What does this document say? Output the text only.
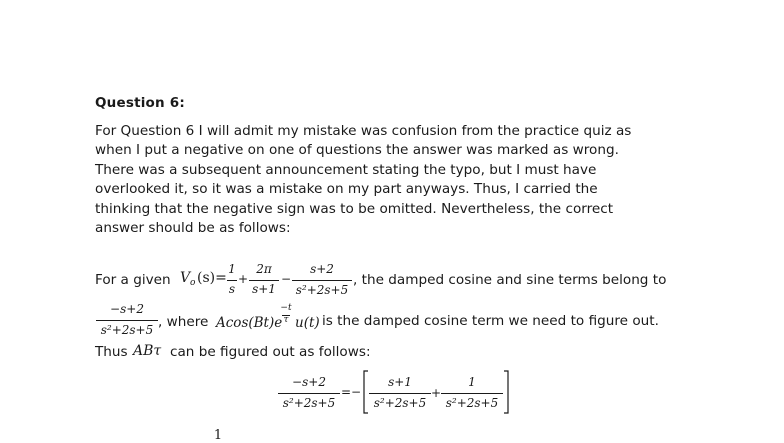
Question 6:
For Question 6 I will admit my mistake was confusion from the practice quiz as
when I put a negative on one of questions the answer was marked as wrong.
There was a subsequent announcement stating the typo, but I must have
overlooked it, so it was a mistake on my part anyways. Thus, I carried the
thinking that the negative sign was to be omitted. Nevertheless, the correct
answer should be as follows:
For a given V o (s)=
1
s
+
2π
s+1
−
s+2
s²+2s+5
, the damped cosine and sine terms belong to
−s+2
s²+2s+5 , where Acos(Bt)e
−t
τ u(t) is the damped cosine term we need to figure out.
Thus ABτ can be figured out as follows:
−s+2
s²+2s+5
=−
s+1
s²+2s+5
+
1
s²+2s+5
1
